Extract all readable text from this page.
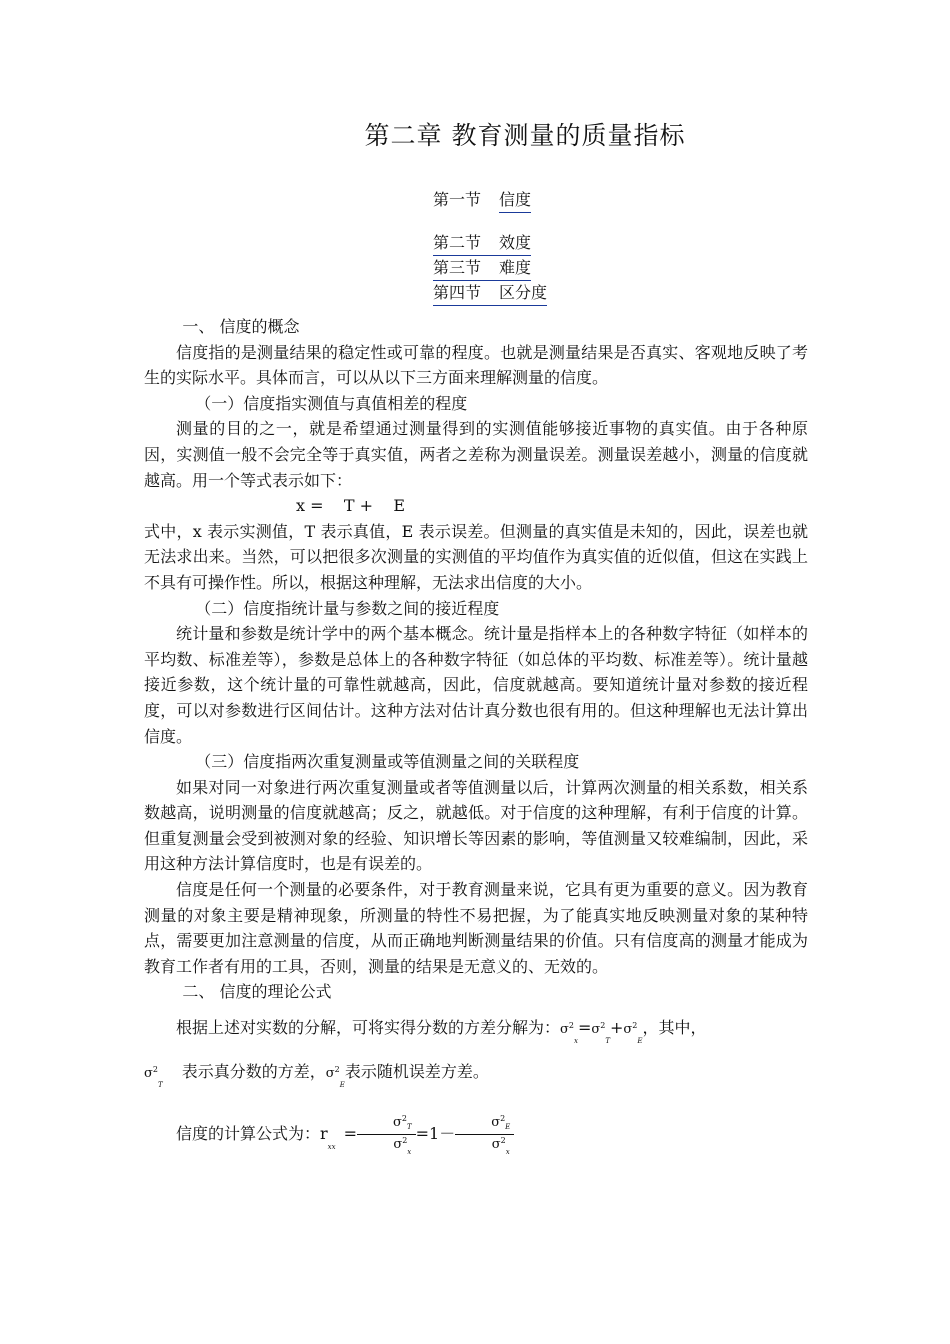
第二章 教育测量的质量指标
第一节 信度

第二节 效度
第三节 难度
第四节 区分度

一、 信度的概念

信度指的是测量结果的稳定性或可靠的程度。也就是测量结果是否真实、客观地反映了考生的实际水平。具体而言，可以从以下三方面来理解测量的信度。

（一）信度指实测值与真值相差的程度

测量的目的之一，就是希望通过测量得到的实测值能够接近事物的真实值。由于各种原因，实测值一般不会完全等于真实值，两者之差称为测量误差。测量误差越小，测量的信度就越高。用一个等式表示如下：

x =    T +    E

式中，x 表示实测值，T 表示真值，E 表示误差。但测量的真实值是未知的，因此，误差也就无法求出来。当然，可以把很多次测量的实测值的平均值作为真实值的近似值，但这在实践上不具有可操作性。所以，根据这种理解，无法求出信度的大小。

（二）信度指统计量与参数之间的接近程度

统计量和参数是统计学中的两个基本概念。统计量是指样本上的各种数字特征（如样本的平均数、标准差等），参数是总体上的各种数字特征（如总体的平均数、标准差等）。统计量越接近参数，这个统计量的可靠性就越高，因此，信度就越高。要知道统计量对参数的接近程度，可以对参数进行区间估计。这种方法对估计真分数也很有用的。但这种理解也无法计算出信度。

（三）信度指两次重复测量或等值测量之间的关联程度

如果对同一对象进行两次重复测量或者等值测量以后，计算两次测量的相关系数，相关系数越高，说明测量的信度就越高；反之，就越低。对于信度的这种理解，有利于信度的计算。但重复测量会受到被测对象的经验、知识增长等因素的影响，等值测量又较难编制，因此，采用这种方法计算信度时，也是有误差的。

信度是任何一个测量的必要条件，对于教育测量来说，它具有更为重要的意义。因为教育测量的对象主要是精神现象，所测量的特性不易把握，为了能真实地反映测量对象的某种特点，需要更加注意测量的信度，从而正确地判断测量结果的价值。只有信度高的测量才能成为教育工作者有用的工具，否则，测量的结果是无意义的、无效的。

二、 信度的理论公式

根据上述对实数的分解，可将实得分数的方差分解为：$\sigma^2_x=\sigma^2_T+\sigma^2_E$，其中，

$\sigma^2_T$ 表示真分数的方差，$\sigma^2_E$表示随机误差方差。

信度的计算公式为：$r_{xx}= \frac{\sigma^2_T}{\sigma^2_x} =1- \frac{\sigma^2_E}{\sigma^2_x}$
